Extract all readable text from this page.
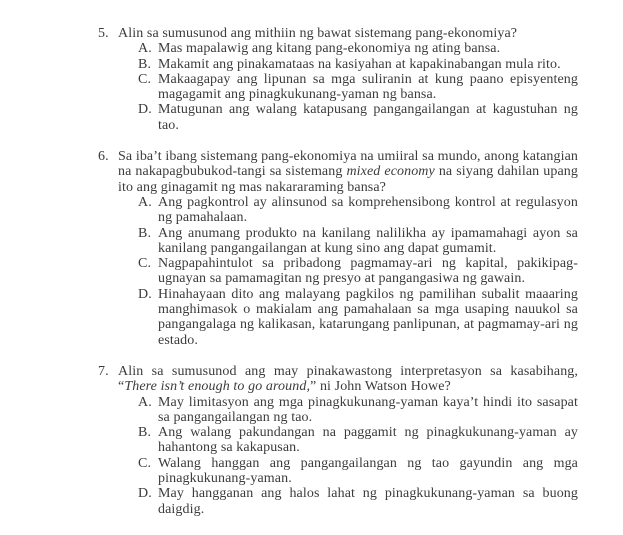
5. Alin sa sumusunod ang mithiin ng bawat sistemang pang-ekonomiya?
A. Mas mapalawig ang kitang pang-ekonomiya ng ating bansa.
B. Makamit ang pinakamataas na kasiyahan at kapakinabangan mula rito.
C. Makaagapay ang lipunan sa mga suliranin at kung paano episyenteng magagamit ang pinagkukunang-yaman ng bansa.
D. Matugunan ang walang katapusang pangangailangan at kagustuhan ng tao.
6. Sa iba’t ibang sistemang pang-ekonomiya na umiiral sa mundo, anong katangian na nakapagbubukod-tangi sa sistemang mixed economy na siyang dahilan upang ito ang ginagamit ng mas nakararaming bansa?
A. Ang pagkontrol ay alinsunod sa komprehensibong kontrol at regulasyon ng pamahalaan.
B. Ang anumang produkto na kanilang nalilikha ay ipamamahagi ayon sa kanilang pangangailangan at kung sino ang dapat gumamit.
C. Nagpapahintulot sa pribadong pagmamay-ari ng kapital, pakikipag-ugnayan sa pamamagitan ng presyo at pangangasiwa ng gawain.
D. Hinahayaan dito ang malayang pagkilos ng pamilihan subalit maaaring manghimasok o makialam ang pamahalaan sa mga usaping nauukol sa pangangalaga ng kalikasan, katarungang panlipunan, at pagmamay-ari ng estado.
7. Alin sa sumusunod ang may pinakawastong interpretasyon sa kasabihang, “There isn’t enough to go around,” ni John Watson Howe?
A. May limitasyon ang mga pinagkukunang-yaman kaya’t hindi ito sasapat sa pangangailangan ng tao.
B. Ang walang pakundangan na paggamit ng pinagkukunang-yaman ay hahantong sa kakapusan.
C. Walang hanggan ang pangangailangan ng tao gayundin ang mga pinagkukunang-yaman.
D. May hangganan ang halos lahat ng pinagkukunang-yaman sa buong daigdig.
